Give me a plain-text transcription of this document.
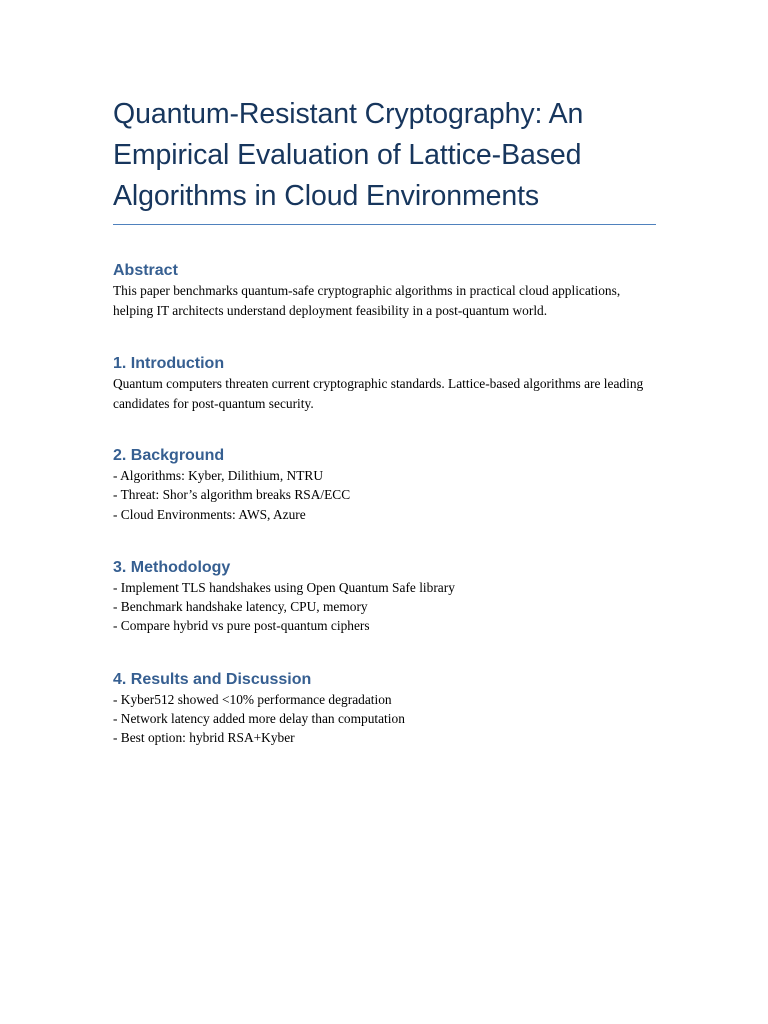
Quantum-Resistant Cryptography: An Empirical Evaluation of Lattice-Based Algorithms in Cloud Environments
Abstract

This paper benchmarks quantum-safe cryptographic algorithms in practical cloud applications, helping IT architects understand deployment feasibility in a post-quantum world.

1. Introduction

Quantum computers threaten current cryptographic standards. Lattice-based algorithms are leading candidates for post-quantum security.

2. Background
- Algorithms: Kyber, Dilithium, NTRU
- Threat: Shor’s algorithm breaks RSA/ECC
- Cloud Environments: AWS, Azure
3. Methodology
- Implement TLS handshakes using Open Quantum Safe library
- Benchmark handshake latency, CPU, memory
- Compare hybrid vs pure post-quantum ciphers
4. Results and Discussion
- Kyber512 showed <10% performance degradation
- Network latency added more delay than computation
- Best option: hybrid RSA+Kyber
